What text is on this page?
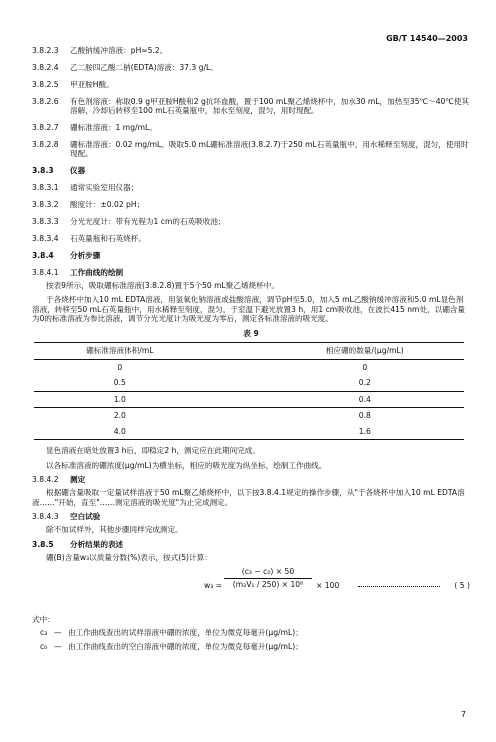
GB/T 14540—2003
3.8.2.3	乙酸钠缓冲溶液：pH≈5.2。
3.8.2.4	乙二胺四乙酸二钠(EDTA)溶液：37.3 g/L。
3.8.2.5	甲亚胺H酸。
3.8.2.6	有色剂溶液：称取0.9 g甲亚胺H酸和2 g抗坏血酸，置于100 mL聚乙烯烧杯中，加水30 mL，加热至35℃～40℃使其溶解，冷却后转移至100 mL石英量瓶中，加水至刻度，混匀，用时现配。
3.8.2.7	硼标准溶液：1 mg/mL。
3.8.2.8	硼标准溶液：0.02 mg/mL。吸取5.0 mL硼标准溶液(3.8.2.7)于250 mL石英量瓶中，用水稀释至刻度，混匀，使用时现配。
3.8.3	仪器
3.8.3.1	通常实验室用仪器；
3.8.3.2	酸度计：±0.02 pH；
3.8.3.3	分光光度计：带有光程为1 cm的石英吸收池；
3.8.3.4	石英量瓶和石英烧杯。
3.8.4	分析步骤
3.8.4.1	工作曲线的绘制
按表9所示，吸取硼标准溶液(3.8.2.8)置于5个50 mL聚乙烯烧杯中。
于各烧杯中加入10 mL EDTA溶液，用氢氧化钠溶液或盐酸溶液，调节pH至5.0，加入5 mL乙酸钠缓冲溶液和5.0 mL显色剂溶液，转移至50 mL石英量瓶中，用水稀释至刻度，混匀，于室温下避光放置3 h，用1 cm吸收池，在波长415 nm处，以硼含量为0的标准溶液为参比溶液，调节分光光度计为吸光度为零后，测定各标准溶液的吸光度。
表 9
硼标准溶液体积/mL		相应硼的数量/(μg/mL)
0		0
0.5		0.2
1.0		0.4
2.0		0.8
4.0		1.6
显色溶液在暗处放置3 h后，即稳定2 h，测定应在此期间完成。
以各标准溶液的硼浓度(μg/mL)为横坐标，相应的吸光度为纵坐标，绘制工作曲线。
3.8.4.2	测定
根据硼含量吸取一定量试样溶液于50 mL聚乙烯烧杯中，以下按3.8.4.1规定的操作步骤，从"于各烧杯中加入10 mL EDTA溶液……"开始，直至"……测定溶液的吸光度"为止完成测定。
3.8.4.3	空白试验
除不加试样外，其他步骤同样完成测定。
3.8.5	分析结果的表述
硼(B)含量w₃以质量分数(%)表示，按式(5)计算：
$w_3 = \frac{\text{(c₃ − c₀) × 50}}{\text{(m₃V₁ / 250) × 10⁶}} \times 100$	( 5 )
式中：
c₃ — 由工作曲线查出的试样溶液中硼的浓度，单位为微克每毫升(μg/mL)；
c₀ — 由工作曲线查出的空白溶液中硼的浓度，单位为微克每毫升(μg/mL)；
7
